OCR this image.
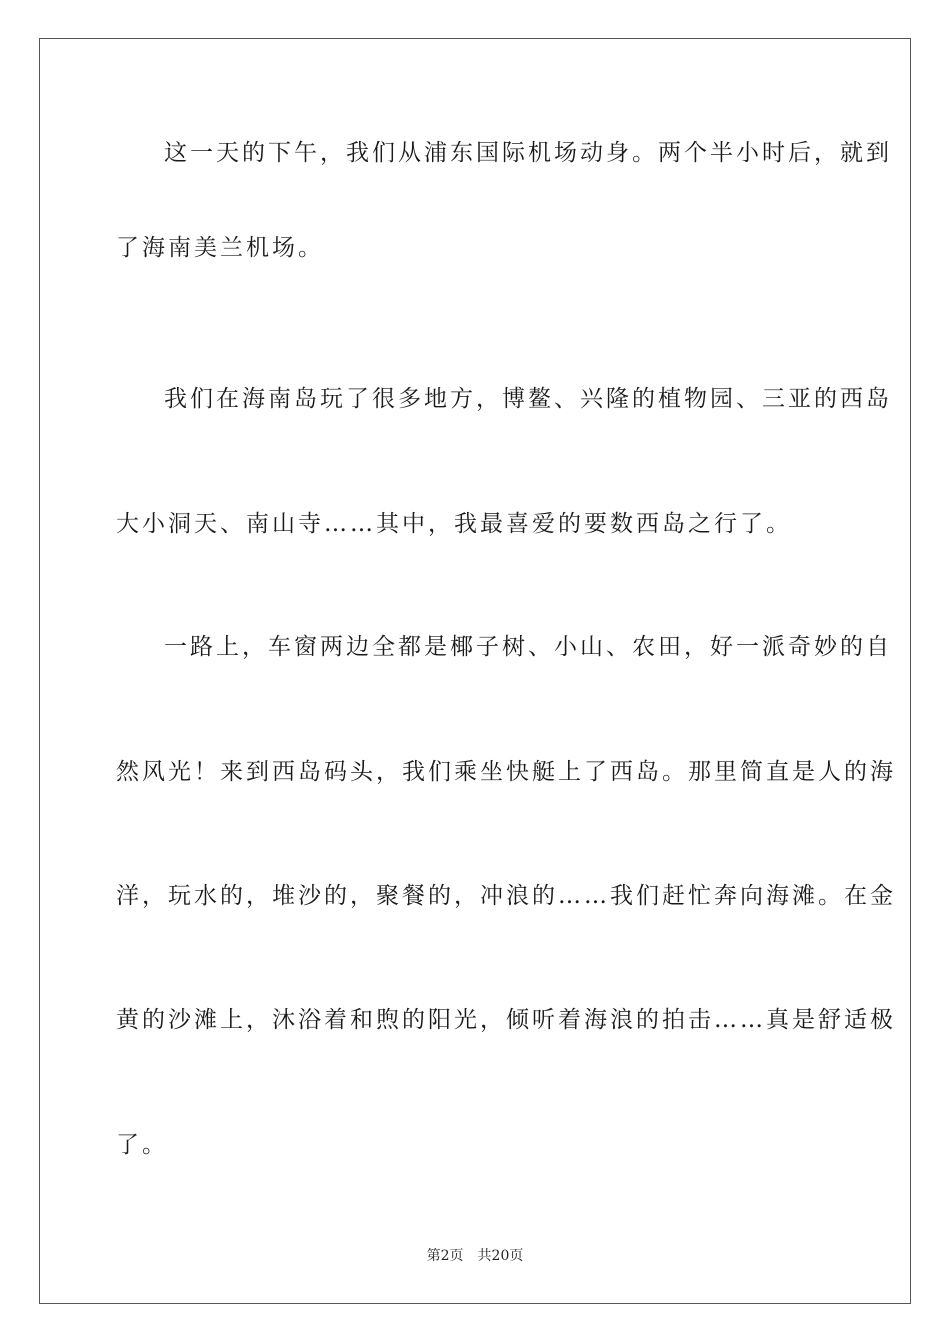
这一天的下午，我们从浦东国际机场动身。两个半小时后，就到
了海南美兰机场。
我们在海南岛玩了很多地方，博鳌、兴隆的植物园、三亚的西岛
大小洞天、南山寺……其中，我最喜爱的要数西岛之行了。
一路上，车窗两边全都是椰子树、小山、农田，好一派奇妙的自
然风光！来到西岛码头，我们乘坐快艇上了西岛。那里简直是人的海
洋，玩水的，堆沙的，聚餐的，冲浪的……我们赶忙奔向海滩。在金
黄的沙滩上，沐浴着和煦的阳光，倾听着海浪的拍击……真是舒适极
了。
第2页 共20页
